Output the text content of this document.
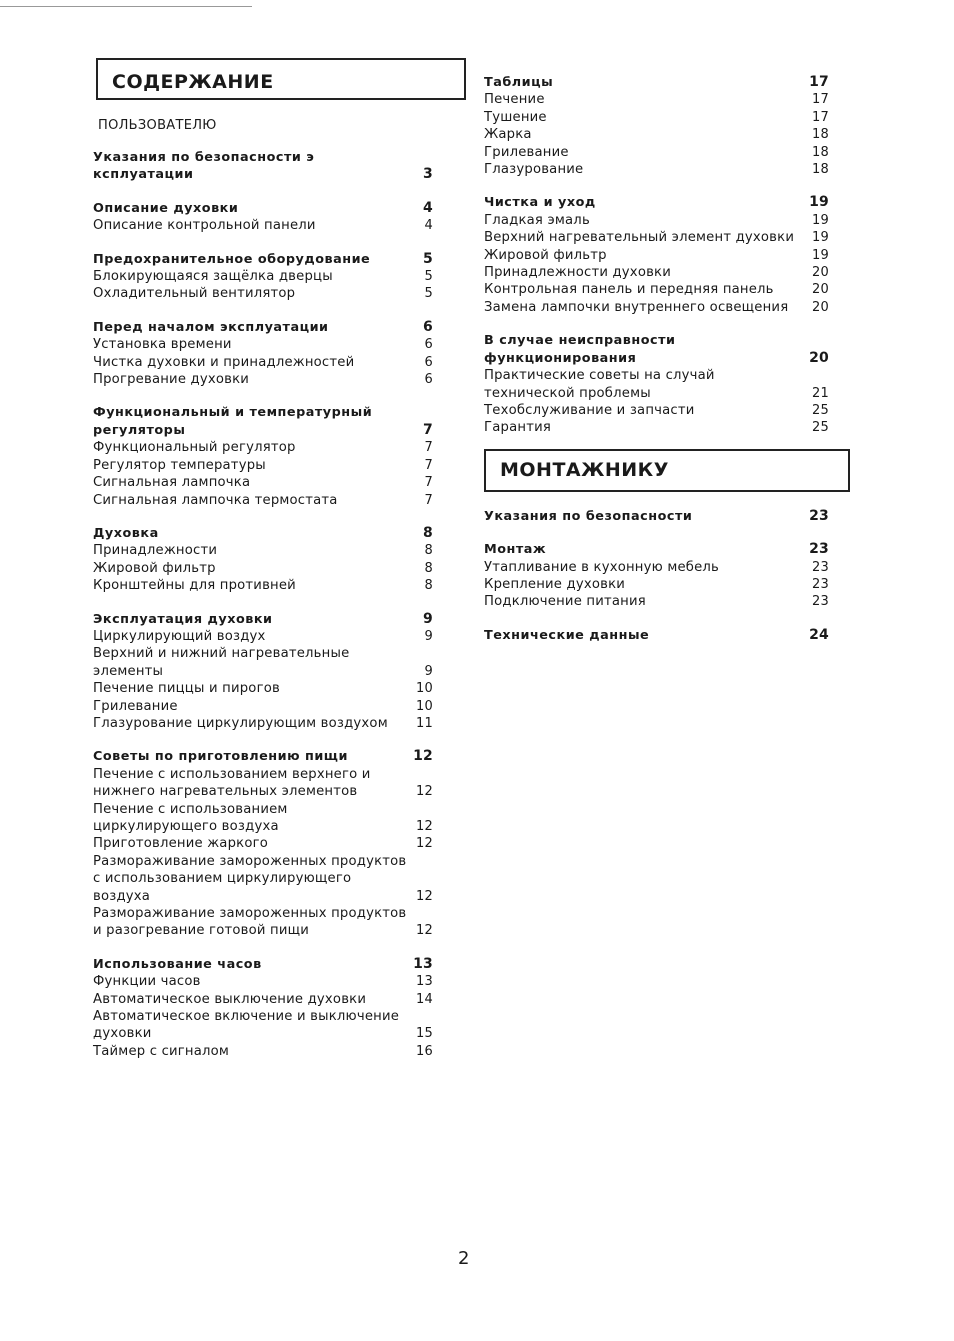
СОДЕРЖАНИЕ
ПОЛЬЗОВАТЕЛЮ
Указания по безопасности э ксплуатации	3
Описание духовки	4
Описание контрольной панели	4
Предохранительное оборудование	5
Блокирующаяся защёлка дверцы	5
Охладительный вентилятор	5
Перед началом эксплуатации	6
Установка времени	6
Чистка духовки и принадлежностей	6
Прогревание духовки	6
Функциональный и температурный регуляторы	7
Функциональный регулятор	7
Регулятор температуры	7
Сигнальная лампочка	7
Сигнальная лампочка термостата	7
Духовка	8
Принадлежности	8
Жировой фильтр	8
Кронштейны для противней	8
Эксплуатация духовки	9
Циркулирующий воздух	9
Верхний и нижний нагревательные элементы	9
Печение пиццы и пирогов	10
Грилевание	10
Глазурование циркулирующим воздухом	11
Советы по приготовлению пищи	12
Печение с использованием верхнего и нижнего нагревательных элементов	12
Печение с использованием циркулирующего воздуха	12
Приготовление жаркого	12
Размораживание замороженных продуктов с использованием циркулирующего воздуха	12
Размораживание замороженных продуктов и разогревание готовой пищи	12
Использование часов	13
Функции часов	13
Автоматическое выключение духовки	14
Автоматическое включение и выключение духовки	15
Таймер с сигналом	16
Таблицы	17
Печение	17
Тушение	17
Жарка	18
Грилевание	18
Глазурование	18
Чистка и уход	19
Гладкая эмаль	19
Верхний нагревательный элемент духовки	19
Жировой фильтр	19
Принадлежности духовки	20
Контрольная панель и передняя панель	20
Замена лампочки внутреннего освещения	20
В случае неисправности функционирования	20
Практические советы на случай технической проблемы	21
Техобслуживание и запчасти	25
Гарантия	25
МОНТАЖНИКУ
Указания по безопасности	23
Монтаж	23
Утапливание в кухонную мебель	23
Крепление духовки	23
Подключение питания	23
Технические данные	24
2
